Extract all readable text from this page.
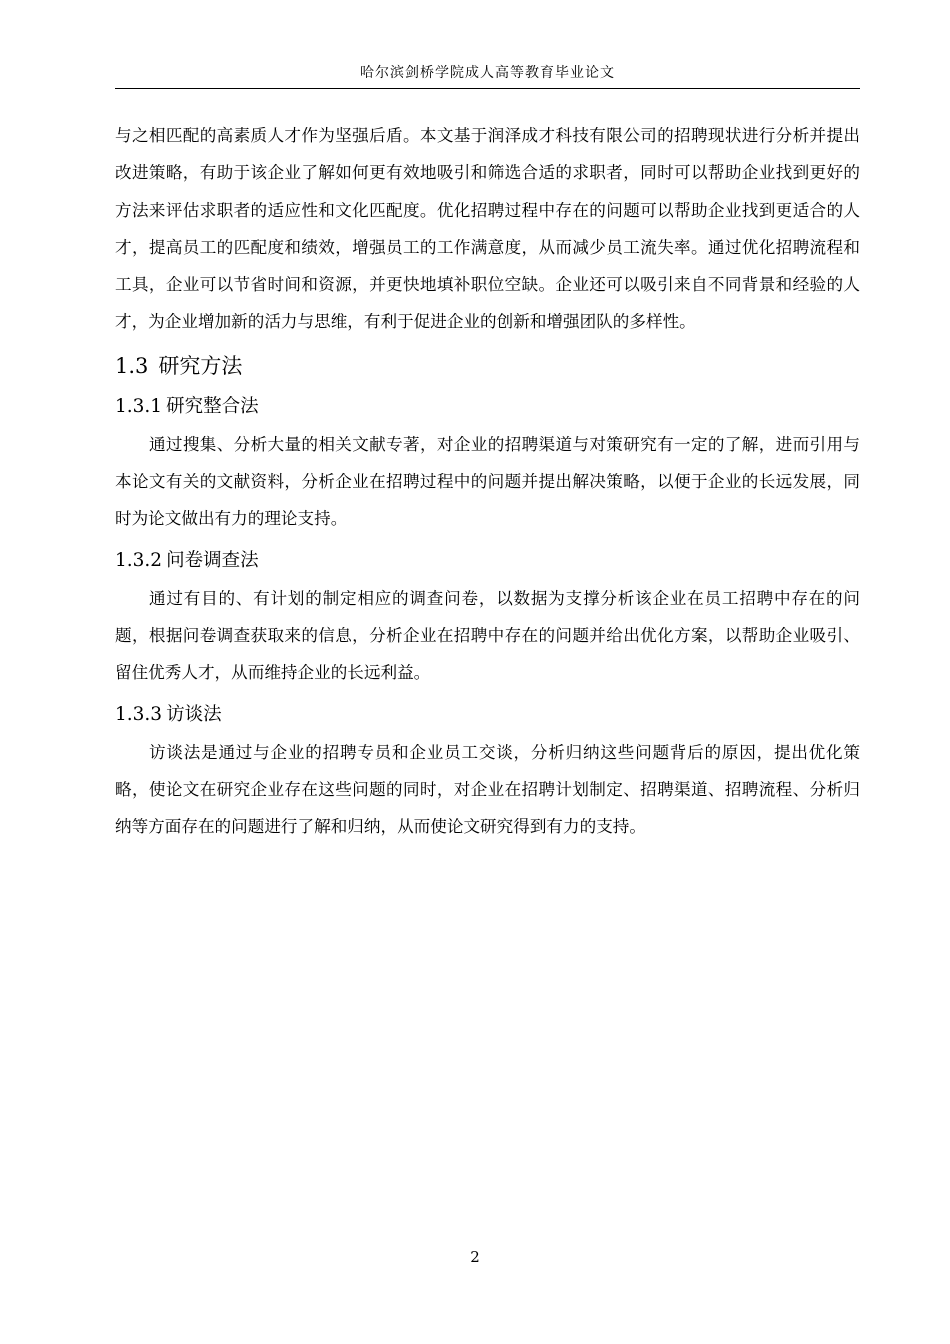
哈尔滨剑桥学院成人高等教育毕业论文

与之相匹配的高素质人才作为坚强后盾。本文基于润泽成才科技有限公司的招聘现状进行分析并提出改进策略，有助于该企业了解如何更有效地吸引和筛选合适的求职者，同时可以帮助企业找到更好的方法来评估求职者的适应性和文化匹配度。优化招聘过程中存在的问题可以帮助企业找到更适合的人才，提高员工的匹配度和绩效，增强员工的工作满意度，从而减少员工流失率。通过优化招聘流程和工具，企业可以节省时间和资源，并更快地填补职位空缺。企业还可以吸引来自不同背景和经验的人才，为企业增加新的活力与思维，有利于促进企业的创新和增强团队的多样性。

1.3 研究方法
1.3.1 研究整合法

通过搜集、分析大量的相关文献专著，对企业的招聘渠道与对策研究有一定的了解，进而引用与本论文有关的文献资料，分析企业在招聘过程中的问题并提出解决策略，以便于企业的长远发展，同时为论文做出有力的理论支持。

1.3.2 问卷调查法

通过有目的、有计划的制定相应的调查问卷，以数据为支撑分析该企业在员工招聘中存在的问题，根据问卷调查获取来的信息，分析企业在招聘中存在的问题并给出优化方案，以帮助企业吸引、留住优秀人才，从而维持企业的长远利益。

1.3.3 访谈法

访谈法是通过与企业的招聘专员和企业员工交谈，分析归纳这些问题背后的原因，提出优化策略，使论文在研究企业存在这些问题的同时，对企业在招聘计划制定、招聘渠道、招聘流程、分析归纳等方面存在的问题进行了解和归纳，从而使论文研究得到有力的支持。

2
